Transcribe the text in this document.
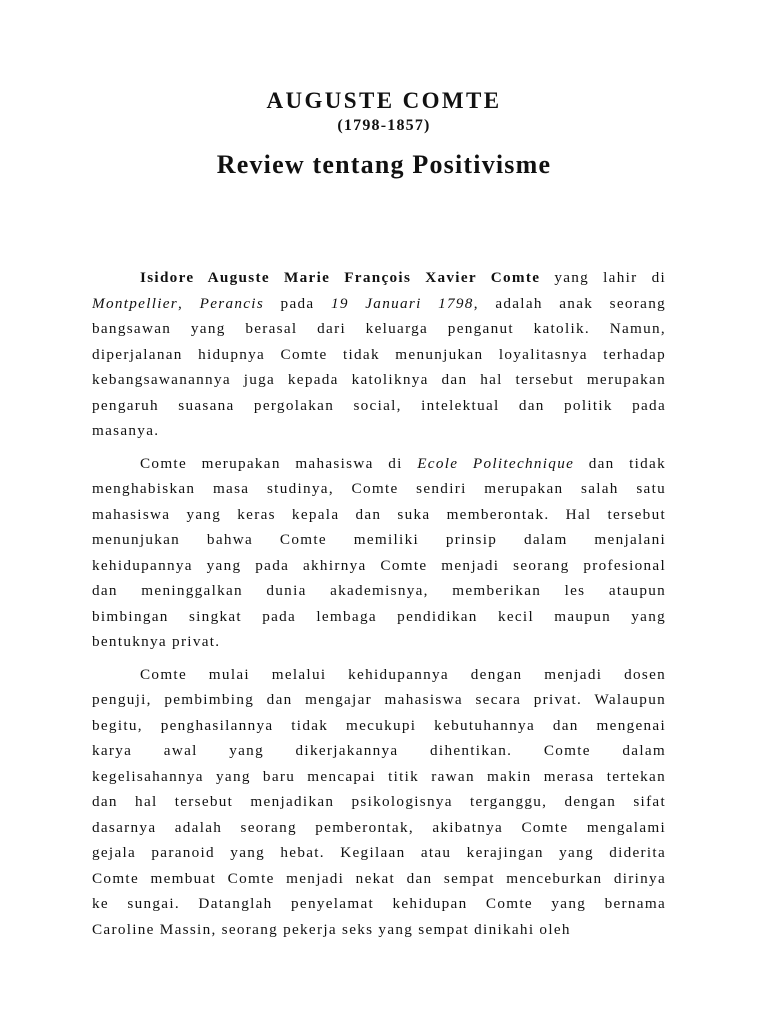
AUGUSTE COMTE
(1798-1857)
Review tentang Positivisme
Isidore Auguste Marie François Xavier Comte yang lahir di
Montpellier, Perancis pada 19 Januari 1798, adalah anak seorang
bangsawan yang berasal dari keluarga penganut katolik. Namun,
diperjalanan hidupnya Comte tidak menunjukan loyalitasnya terhadap
kebangsawanannya juga kepada katoliknya dan hal tersebut merupakan
pengaruh suasana pergolakan social, intelektual dan politik pada
masanya.
Comte merupakan mahasiswa di Ecole Politechnique dan tidak
menghabiskan masa studinya, Comte sendiri merupakan salah satu
mahasiswa yang keras kepala dan suka memberontak. Hal tersebut
menunjukan bahwa Comte memiliki prinsip dalam menjalani
kehidupannya yang pada akhirnya Comte menjadi seorang profesional
dan meninggalkan dunia akademisnya, memberikan les ataupun
bimbingan singkat pada lembaga pendidikan kecil maupun yang
bentuknya privat.
Comte mulai melalui kehidupannya dengan menjadi dosen
penguji, pembimbing dan mengajar mahasiswa secara privat. Walaupun
begitu, penghasilannya tidak mecukupi kebutuhannya dan mengenai
karya awal yang dikerjakannya dihentikan. Comte dalam
kegelisahannya yang baru mencapai titik rawan makin merasa tertekan
dan hal tersebut menjadikan psikologisnya terganggu, dengan sifat
dasarnya adalah seorang pemberontak, akibatnya Comte mengalami
gejala paranoid yang hebat. Kegilaan atau kerajingan yang diderita
Comte membuat Comte menjadi nekat dan sempat menceburkan dirinya
ke sungai. Datanglah penyelamat kehidupan Comte yang bernama
Caroline Massin, seorang pekerja seks yang sempat dinikahi oleh
